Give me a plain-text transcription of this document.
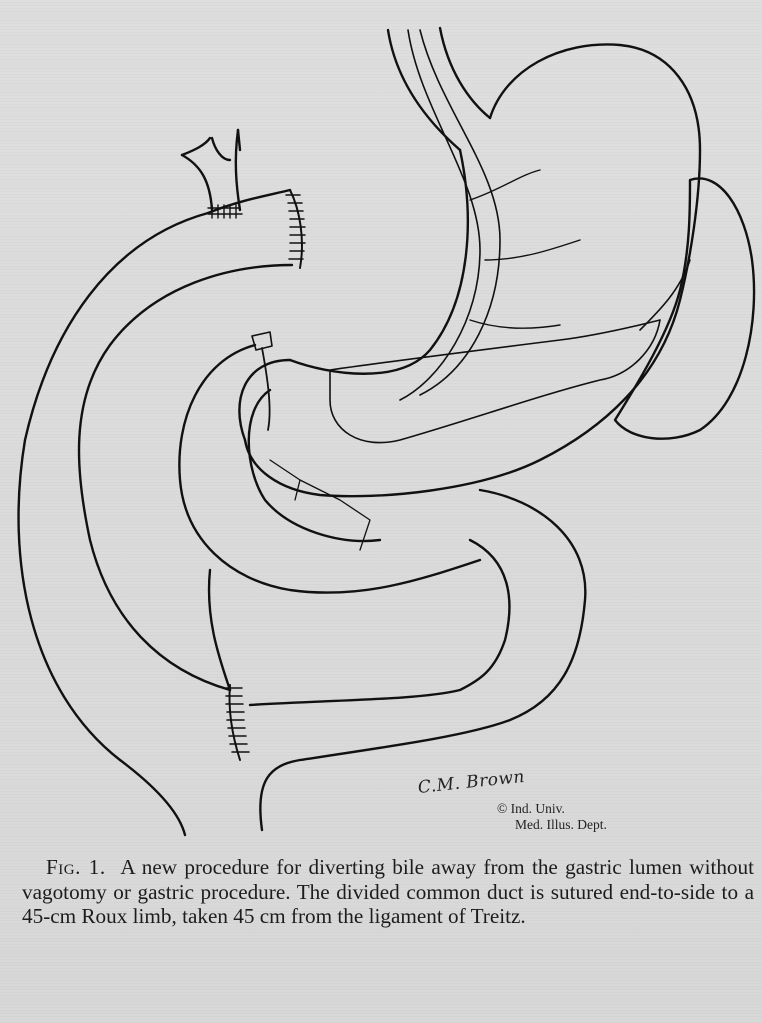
C.M. Brown
© Ind. Univ.
Med. Illus. Dept.

Fig. 1. A new procedure for diverting bile away from the gastric lumen without vagotomy or gastric procedure. The divided common duct is sutured end-to-side to a 45-cm Roux limb, taken 45 cm from the ligament of Treitz.
